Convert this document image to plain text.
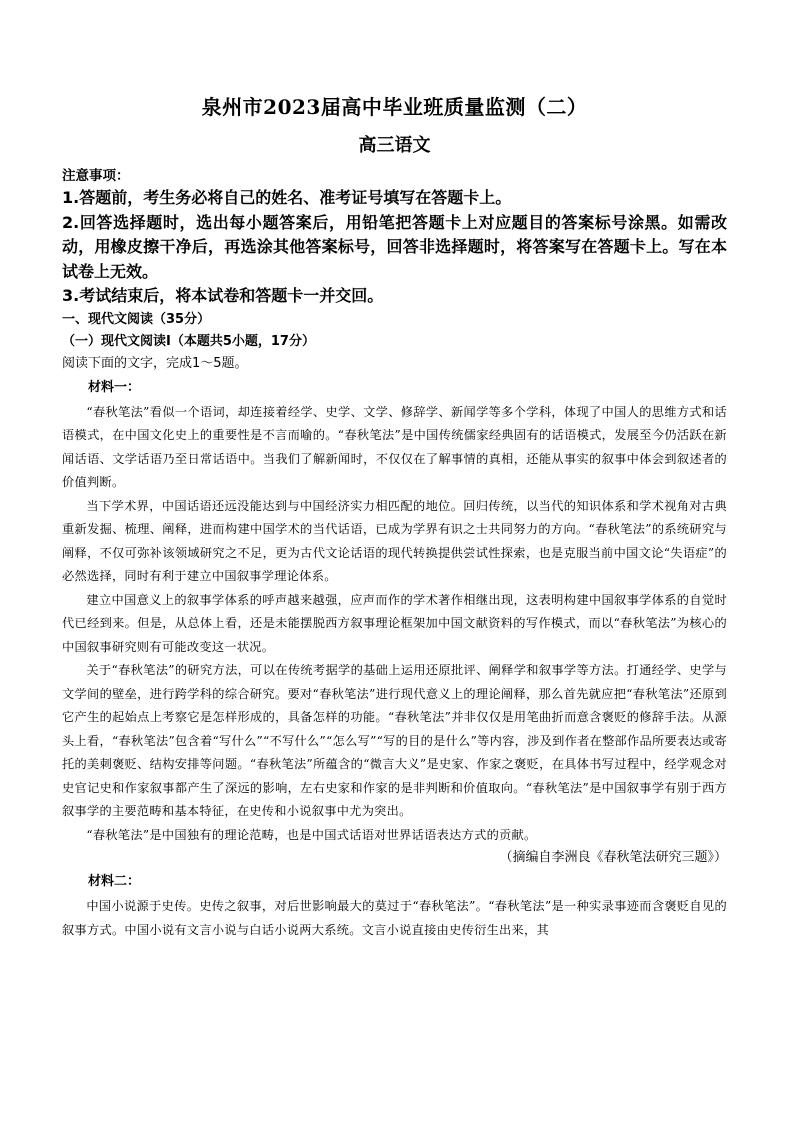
泉州市2023届高中毕业班质量监测（二）
高三语文
注意事项：

1.答题前，考生务必将自己的姓名、准考证号填写在答题卡上。

2.回答选择题时，选出每小题答案后，用铅笔把答题卡上对应题目的答案标号涂黑。如需改动，用橡皮擦干净后，再选涂其他答案标号，回答非选择题时，将答案写在答题卡上。写在本试卷上无效。

3.考试结束后，将本试卷和答题卡一并交回。

一、现代文阅读（35分）

（一）现代文阅读Ⅰ（本题共5小题，17分）

阅读下面的文字，完成1～5题。

材料一：

“春秋笔法”看似一个语词，却连接着经学、史学、文学、修辞学、新闻学等多个学科，体现了中国人的思维方式和话语模式，在中国文化史上的重要性是不言而喻的。“春秋笔法”是中国传统儒家经典固有的话语模式，发展至今仍活跃在新闻话语、文学话语乃至日常话语中。当我们了解新闻时，不仅仅在了解事情的真相，还能从事实的叙事中体会到叙述者的价值判断。

当下学术界，中国话语还远没能达到与中国经济实力相匹配的地位。回归传统，以当代的知识体系和学术视角对古典重新发掘、梳理、阐释，进而构建中国学术的当代话语，已成为学界有识之士共同努力的方向。“春秋笔法”的系统研究与阐释，不仅可弥补该领域研究之不足，更为古代文论话语的现代转换提供尝试性探索，也是克服当前中国文论“失语症”的必然选择，同时有利于建立中国叙事学理论体系。

建立中国意义上的叙事学体系的呼声越来越强，应声而作的学术著作相继出现，这表明构建中国叙事学体系的自觉时代已经到来。但是，从总体上看，还是未能摆脱西方叙事理论框架加中国文献资料的写作模式，而以“春秋笔法”为核心的中国叙事研究则有可能改变这一状况。

关于“春秋笔法”的研究方法，可以在传统考据学的基础上运用还原批评、阐释学和叙事学等方法。打通经学、史学与文学间的壁垒，进行跨学科的综合研究。要对“春秋笔法”进行现代意义上的理论阐释，那么首先就应把“春秋笔法”还原到它产生的起始点上考察它是怎样形成的，具备怎样的功能。“春秋笔法”并非仅仅是用笔曲折而意含褒贬的修辞手法。从源头上看，“春秋笔法”包含着“写什么”“不写什么”“怎么写”“写的目的是什么”等内容，涉及到作者在整部作品所要表达或寄托的美刺褒贬、结构安排等问题。“春秋笔法”所蕴含的“微言大义”是史家、作家之褒贬，在具体书写过程中，经学观念对史官记史和作家叙事都产生了深远的影响，左右史家和作家的是非判断和价值取向。“春秋笔法”是中国叙事学有别于西方叙事学的主要范畴和基本特征，在史传和小说叙事中尤为突出。

“春秋笔法”是中国独有的理论范畴，也是中国式话语对世界话语表达方式的贡献。

（摘编自李洲良《春秋笔法研究三题》）

材料二：

中国小说源于史传。史传之叙事，对后世影响最大的莫过于“春秋笔法”。“春秋笔法”是一种实录事迹而含褒贬自见的叙事方式。中国小说有文言小说与白话小说两大系统。文言小说直接由史传衍生出来，其
